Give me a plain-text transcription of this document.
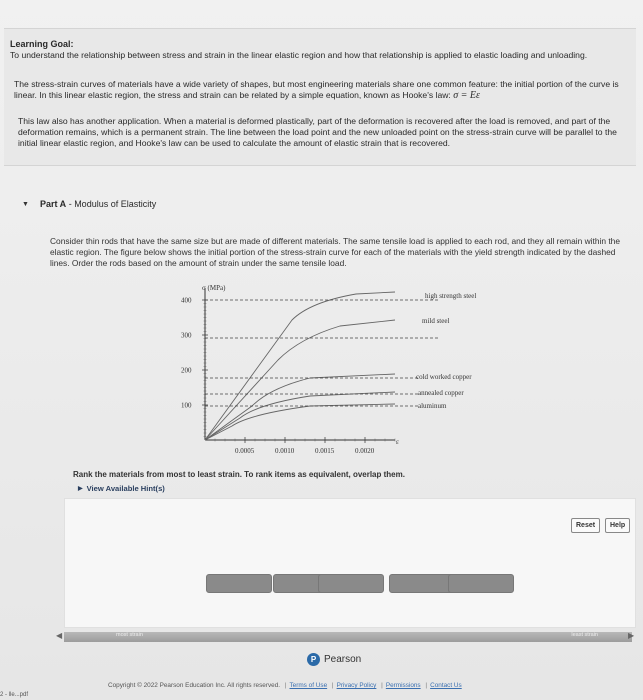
Learning Goal:
To understand the relationship between stress and strain in the linear elastic region and how that relationship is applied to elastic loading and unloading.
The stress-strain curves of materials have a wide variety of shapes, but most engineering materials share one common feature: the initial portion of the curve is linear. In this linear elastic region, the stress and strain can be related by a simple equation, known as Hooke's law: σ = Eε
This law also has another application. When a material is deformed plastically, part of the deformation is recovered after the load is removed, and part of the deformation remains, which is a permanent strain. The line between the load point and the new unloaded point on the stress-strain curve will be parallel to the initial linear elastic region, and Hooke's law can be used to calculate the amount of elastic strain that is recovered.
▼	Part A - Modulus of Elasticity
Consider thin rods that have the same size but are made of different materials. The same tensile load is applied to each rod, and they all remain within the elastic region. The figure below shows the initial portion of the stress-strain curve for each of the materials with the yield strength indicated by the dashed lines. Order the rods based on the amount of strain under the same tensile load.
σ (MPa)
ε
100
200
300
400
0.0005	0.0010	0.0015	0.0020
high strength steel
mild steel
cold worked copper
annealed copper
aluminum
Rank the materials from most to least strain. To rank items as equivalent, overlap them.
▶ View Available Hint(s)
Reset	Help
◀	most strain	least strain	▶
P Pearson
Copyright © 2022 Pearson Education Inc. All rights reserved. | Terms of Use | Privacy Policy | Permissions | Contact Us
2 - lle...pdf
